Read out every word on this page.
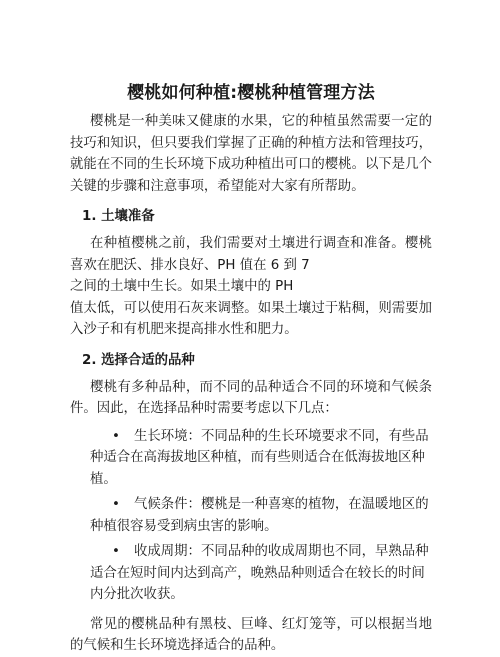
樱桃如何种植:樱桃种植管理方法

樱桃是一种美味又健康的水果，它的种植虽然需要一定的技巧和知识，但只要我们掌握了正确的种植方法和管理技巧，就能在不同的生长环境下成功种植出可口的樱桃。以下是几个关键的步骤和注意事项，希望能对大家有所帮助。

1. 土壤准备

在种植樱桃之前，我们需要对土壤进行调查和准备。樱桃喜欢在肥沃、排水良好、PH 值在 6 到 7

之间的土壤中生长。如果土壤中的 PH

值太低，可以使用石灰来调整。如果土壤过于粘稠，则需要加入沙子和有机肥来提高排水性和肥力。

2. 选择合适的品种

樱桃有多种品种，而不同的品种适合不同的环境和气候条件。因此，在选择品种时需要考虑以下几点：

•	生长环境：不同品种的生长环境要求不同，有些品种适合在高海拔地区种植，而有些则适合在低海拔地区种植。
•	气候条件：樱桃是一种喜寒的植物，在温暖地区的种植很容易受到病虫害的影响。
•	收成周期：不同品种的收成周期也不同，早熟品种适合在短时间内达到高产，晚熟品种则适合在较长的时间内分批次收获。

常见的樱桃品种有黑枝、巨峰、红灯笼等，可以根据当地的气候和生长环境选择适合的品种。
